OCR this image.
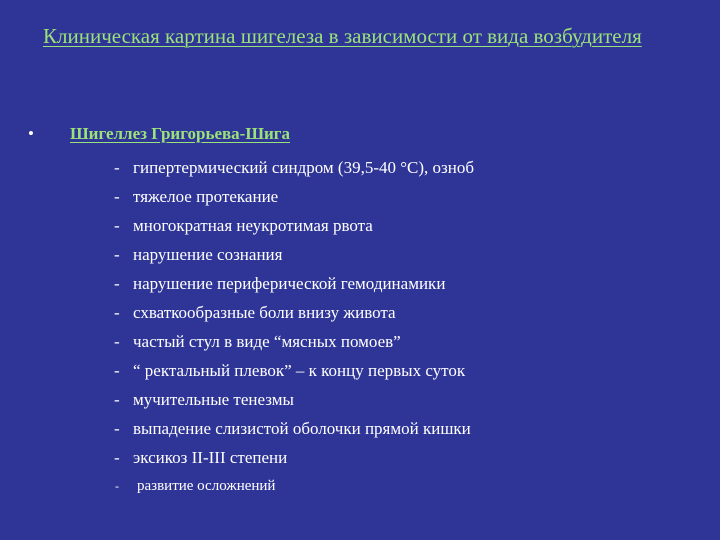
Клиническая картина шигелеза в зависимости от вида возбудителя
• Шигеллез Григорьева-Шига
- гипертермический синдром (39,5-40 °С), озноб
- тяжелое протекание
- многократная неукротимая рвота
- нарушение сознания
- нарушение периферической гемодинамики
- схваткообразные боли внизу живота
- частый стул в виде “мясных помоев”
- “ ректальный плевок” – к концу первых суток
- мучительные тенезмы
- выпадение слизистой оболочки прямой кишки
- эксикоз II-III степени
-	развитие осложнений
